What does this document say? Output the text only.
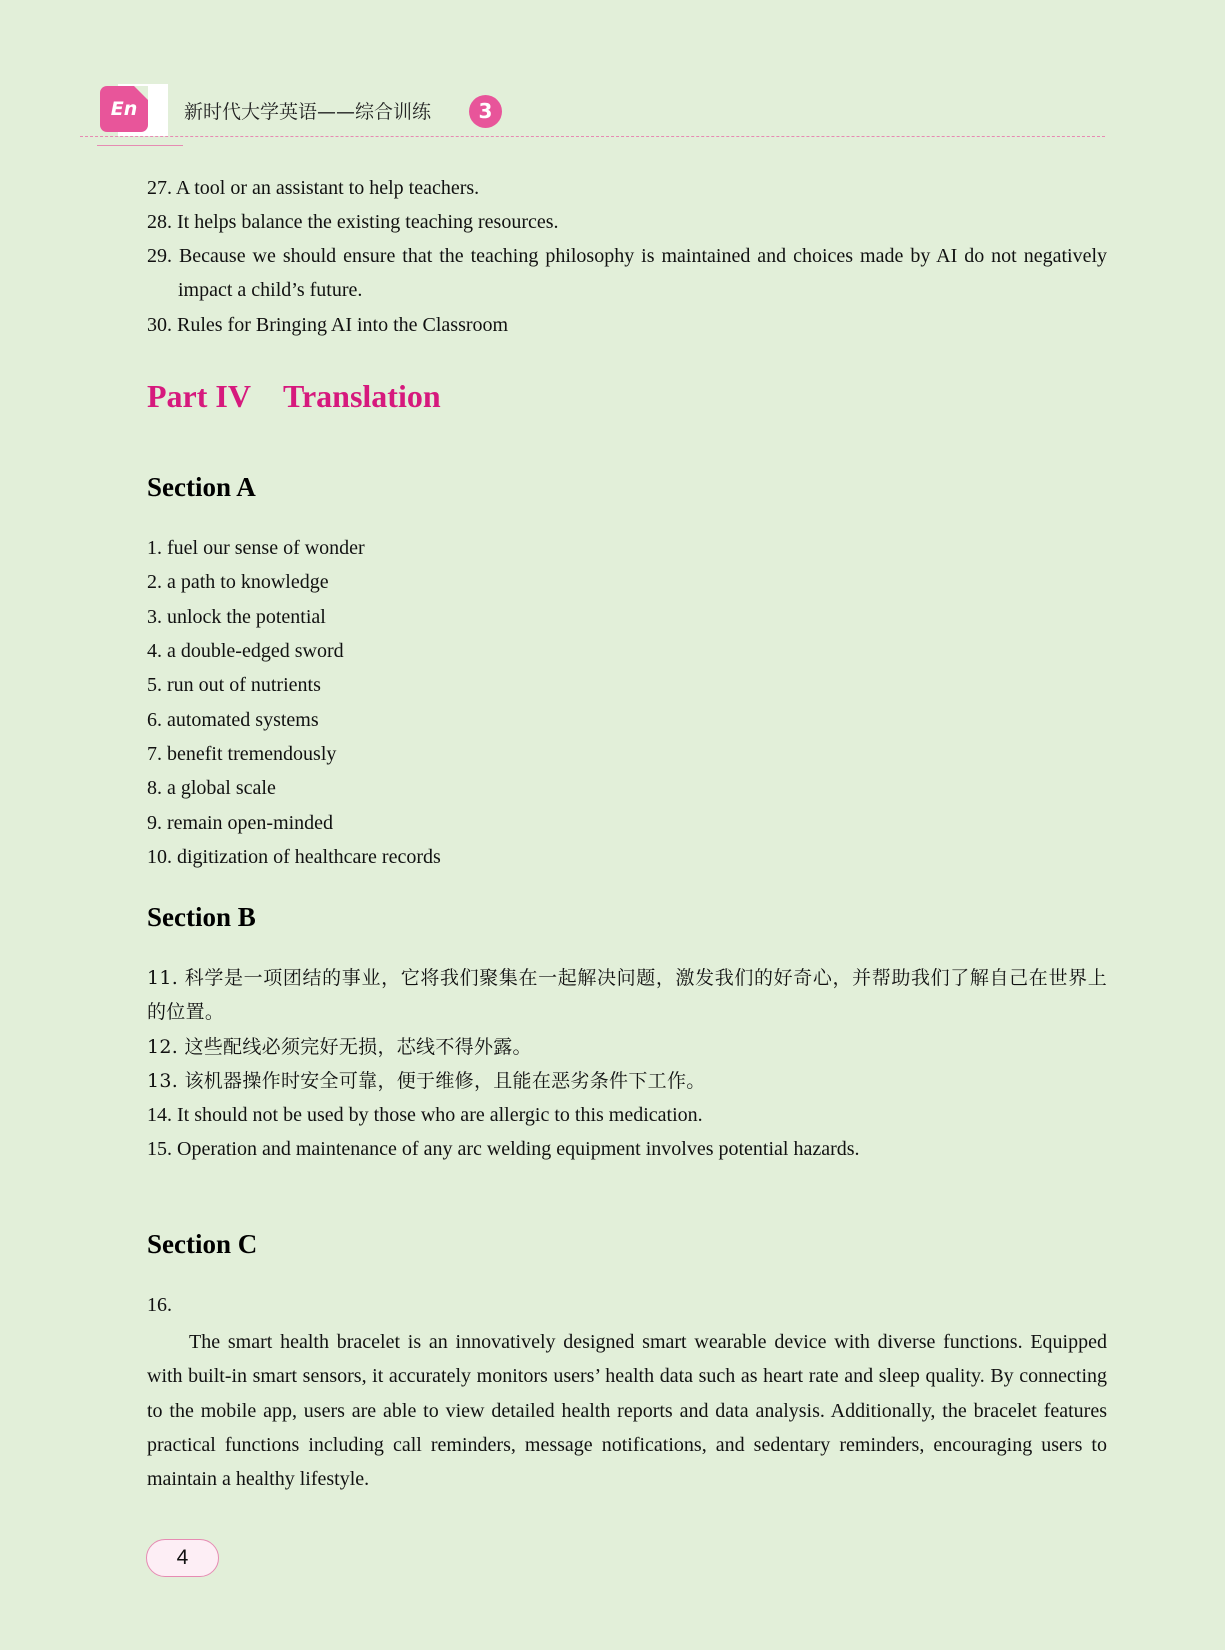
En	新时代大学英语——综合训练	3
27. A tool or an assistant to help teachers.
28. It helps balance the existing teaching resources.
29. Because we should ensure that the teaching philosophy is maintained and choices made by AI do not negatively impact a child’s future.
30. Rules for Bringing AI into the Classroom
Part IV Translation
Section A
1. fuel our sense of wonder
2. a path to knowledge
3. unlock the potential
4. a double-edged sword
5. run out of nutrients
6. automated systems
7. benefit tremendously
8. a global scale
9. remain open-minded
10. digitization of healthcare records
Section B
11. 科学是一项团结的事业，它将我们聚集在一起解决问题，激发我们的好奇心，并帮助我们了解自己在世界上的位置。
12. 这些配线必须完好无损，芯线不得外露。
13. 该机器操作时安全可靠，便于维修，且能在恶劣条件下工作。
14. It should not be used by those who are allergic to this medication.
15. Operation and maintenance of any arc welding equipment involves potential hazards.
Section C
16.
The smart health bracelet is an innovatively designed smart wearable device with diverse functions. Equipped with built-in smart sensors, it accurately monitors users’ health data such as heart rate and sleep quality. By connecting to the mobile app, users are able to view detailed health reports and data analysis. Additionally, the bracelet features practical functions including call reminders, message notifications, and sedentary reminders, encouraging users to maintain a healthy lifestyle.
4
